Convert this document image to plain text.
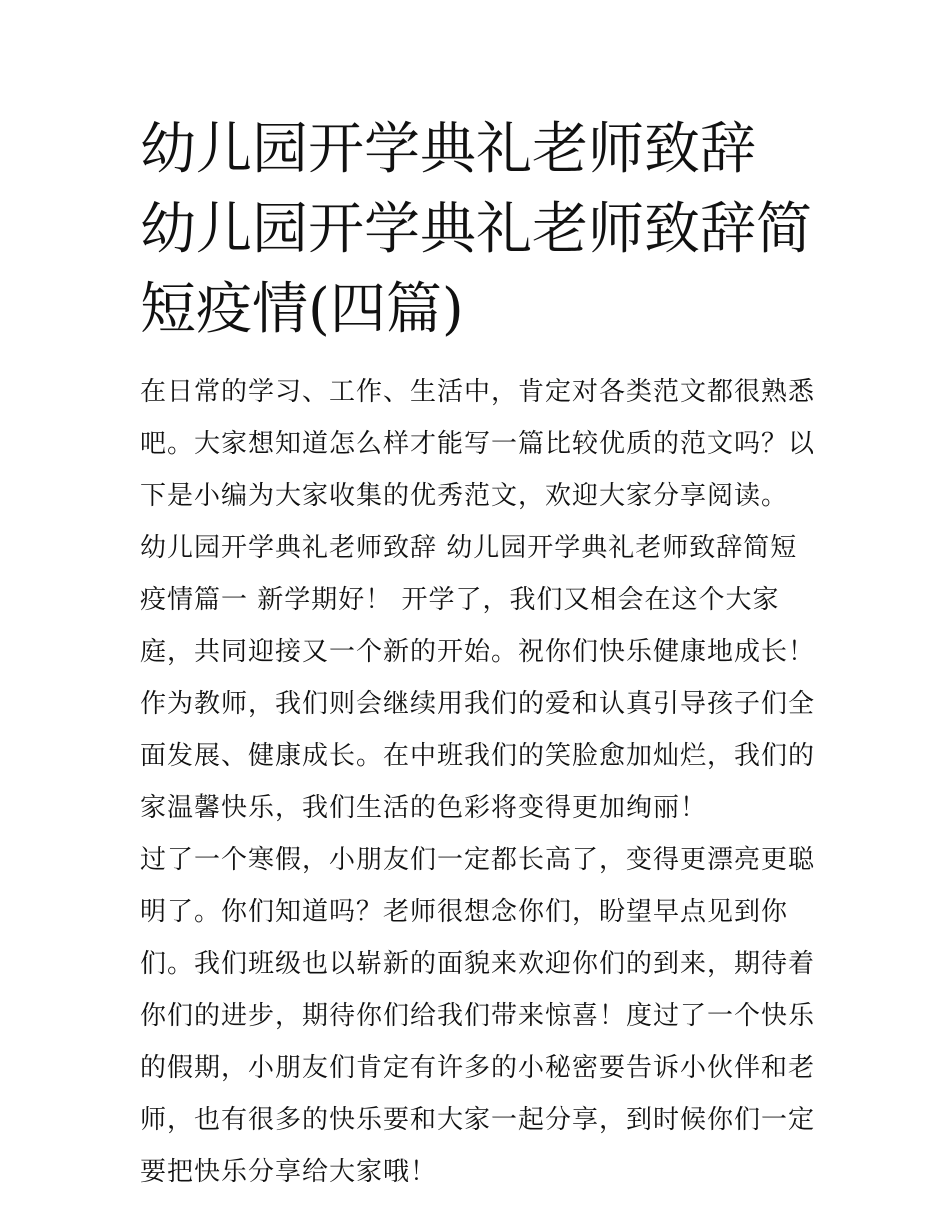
幼儿园开学典礼老师致辞 幼儿园开学典礼老师致辞简短疫情(四篇)

在日常的学习、工作、生活中，肯定对各类范文都很熟悉吧。大家想知道怎么样才能写一篇比较优质的范文吗？以下是小编为大家收集的优秀范文，欢迎大家分享阅读。

幼儿园开学典礼老师致辞 幼儿园开学典礼老师致辞简短疫情篇一 新学期好！ 开学了，我们又相会在这个大家庭，共同迎接又一个新的开始。祝你们快乐健康地成长！

作为教师，我们则会继续用我们的爱和认真引导孩子们全面发展、健康成长。在中班我们的笑脸愈加灿烂，我们的家温馨快乐，我们生活的色彩将变得更加绚丽！

过了一个寒假，小朋友们一定都长高了，变得更漂亮更聪明了。你们知道吗？老师很想念你们，盼望早点见到你们。我们班级也以崭新的面貌来欢迎你们的到来，期待着你们的进步，期待你们给我们带来惊喜！度过了一个快乐的假期，小朋友们肯定有许多的小秘密要告诉小伙伴和老师，也有很多的快乐要和大家一起分享，到时候你们一定要把快乐分享给大家哦！
